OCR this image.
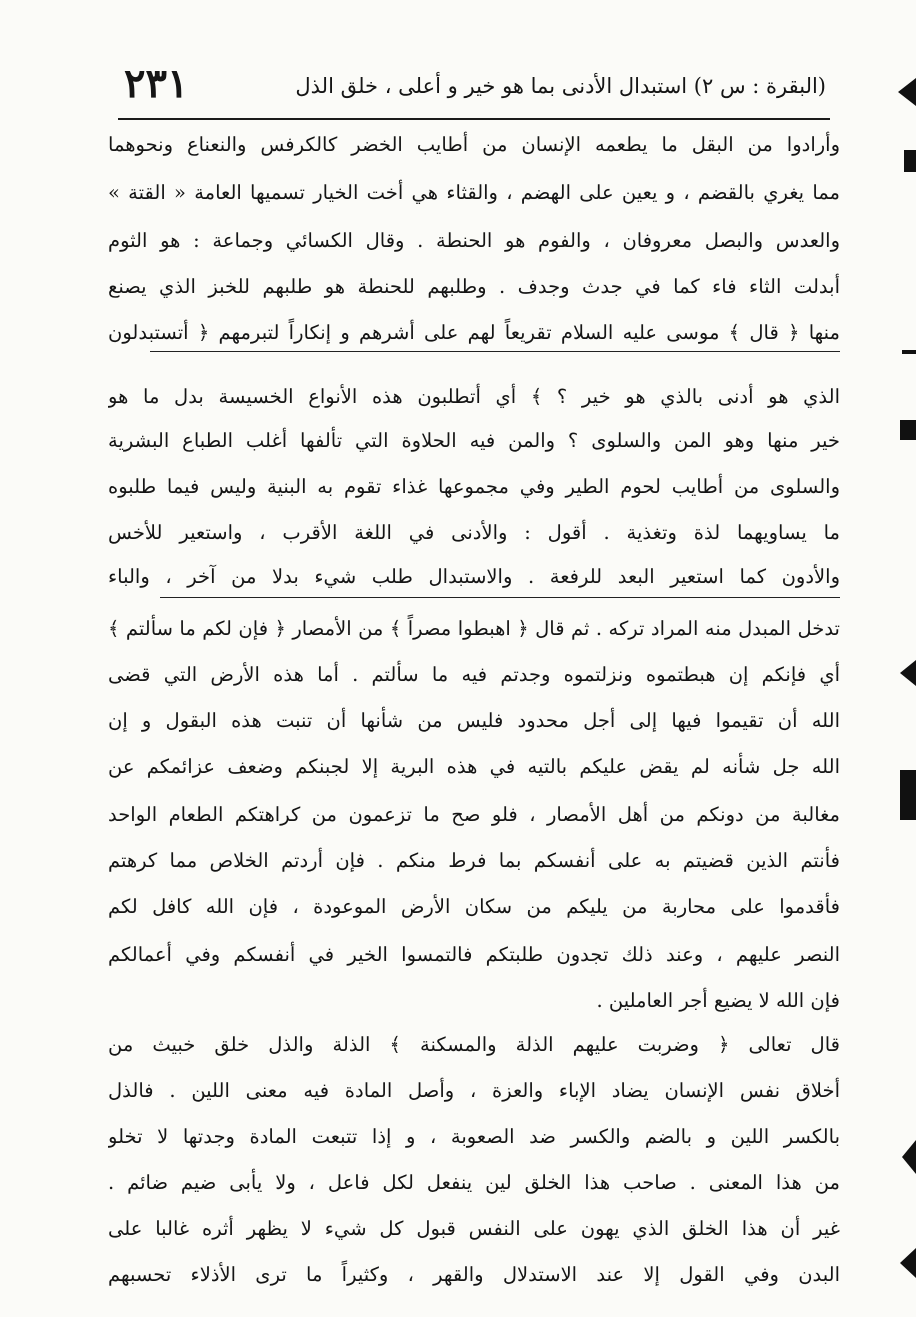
(البقرة : س ٢) استبدال الأدنى بما هو خير و أعلى ، خلق الذل
٢٣١
وأرادوا من البقل ما يطعمه الإنسان من أطايب الخضر كالكرفس والنعناع ونحوهما
مما يغري بالقضم ، و يعين على الهضم ، والقثاء هي أخت الخيار تسميها العامة « القتة »
والعدس والبصل معروفان ، والفوم هو الحنطة . وقال الكسائي وجماعة : هو الثوم
أبدلت الثاء فاء كما في جدث وجدف . وطلبهم للحنطة هو طلبهم للخبز الذي يصنع
منها ﴿ قال ﴾ موسى عليه السلام تقريعاً لهم على أشرهم و إنكاراً لتبرمهم ﴿ أتستبدلون
الذي هو أدنى بالذي هو خير ؟ ﴾ أي أتطلبون هذه الأنواع الخسيسة بدل ما هو
خير منها وهو المن والسلوى ؟ والمن فيه الحلاوة التي تألفها أغلب الطباع البشرية
والسلوى من أطايب لحوم الطير وفي مجموعها غذاء تقوم به البنية وليس فيما طلبوه
ما يساويهما لذة وتغذية . أقول : والأدنى في اللغة الأقرب ، واستعير للأخس
والأدون كما استعير البعد للرفعة . والاستبدال طلب شيء بدلا من آخر ، والباء
تدخل المبدل منه المراد تركه . ثم قال ﴿ اهبطوا مصراً ﴾ من الأمصار ﴿ فإن لكم ما سألتم ﴾
أي فإنكم إن هبطتموه ونزلتموه وجدتم فيه ما سألتم . أما هذه الأرض التي قضى
الله أن تقيموا فيها إلى أجل محدود فليس من شأنها أن تنبت هذه البقول و إن
الله جل شأنه لم يقض عليكم بالتيه في هذه البرية إلا لجبنكم وضعف عزائمكم عن
مغالبة من دونكم من أهل الأمصار ، فلو صح ما تزعمون من كراهتكم الطعام الواحد
فأنتم الذين قضيتم به على أنفسكم بما فرط منكم . فإن أردتم الخلاص مما كرهتم
فأقدموا على محاربة من يليكم من سكان الأرض الموعودة ، فإن الله كافل لكم
النصر عليهم ، وعند ذلك تجدون طلبتكم فالتمسوا الخير في أنفسكم وفي أعمالكم
فإن الله لا يضيع أجر العاملين .
قال تعالى ﴿ وضربت عليهم الذلة والمسكنة ﴾ الذلة والذل خلق خبيث من
أخلاق نفس الإنسان يضاد الإباء والعزة ، وأصل المادة فيه معنى اللين . فالذل
بالكسر اللين و بالضم والكسر ضد الصعوبة ، و إذا تتبعت المادة وجدتها لا تخلو
من هذا المعنى . صاحب هذا الخلق لين ينفعل لكل فاعل ، ولا يأبى ضيم ضائم .
غير أن هذا الخلق الذي يهون على النفس قبول كل شيء لا يظهر أثره غالبا على
البدن وفي القول إلا عند الاستدلال والقهر ، وكثيراً ما ترى الأذلاء تحسبهم
